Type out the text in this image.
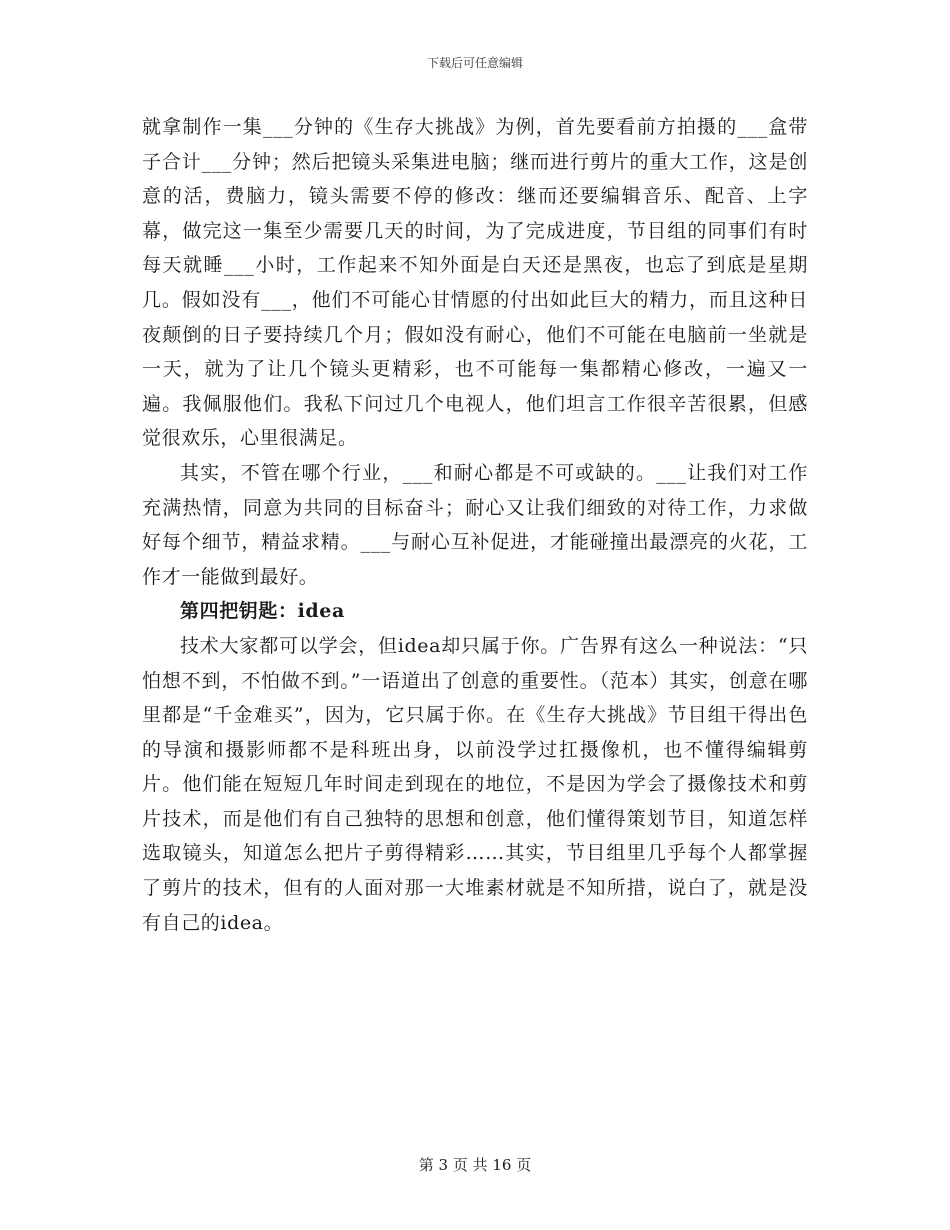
下载后可任意编辑

就拿制作一集___分钟的《生存大挑战》为例，首先要看前方拍摄的___盒带子合计___分钟；然后把镜头采集进电脑；继而进行剪片的重大工作，这是创意的活，费脑力，镜头需要不停的修改：继而还要编辑音乐、配音、上字幕，做完这一集至少需要几天的时间，为了完成进度，节目组的同事们有时每天就睡___小时，工作起来不知外面是白天还是黑夜，也忘了到底是星期几。假如没有___，他们不可能心甘情愿的付出如此巨大的精力，而且这种日夜颠倒的日子要持续几个月；假如没有耐心，他们不可能在电脑前一坐就是一天，就为了让几个镜头更精彩，也不可能每一集都精心修改，一遍又一遍。我佩服他们。我私下问过几个电视人，他们坦言工作很辛苦很累，但感觉很欢乐，心里很满足。

其实，不管在哪个行业，___和耐心都是不可或缺的。___让我们对工作充满热情，同意为共同的目标奋斗；耐心又让我们细致的对待工作，力求做好每个细节，精益求精。___与耐心互补促进，才能碰撞出最漂亮的火花，工作才一能做到最好。

第四把钥匙：idea

技术大家都可以学会，但idea却只属于你。广告界有这么一种说法：“只怕想不到，不怕做不到。”一语道出了创意的重要性。（范本）其实，创意在哪里都是“千金难买”，因为，它只属于你。在《生存大挑战》节目组干得出色的导演和摄影师都不是科班出身，以前没学过扛摄像机，也不懂得编辑剪片。他们能在短短几年时间走到现在的地位，不是因为学会了摄像技术和剪片技术，而是他们有自己独特的思想和创意，他们懂得策划节目，知道怎样选取镜头，知道怎么把片子剪得精彩……其实，节目组里几乎每个人都掌握了剪片的技术，但有的人面对那一大堆素材就是不知所措，说白了，就是没有自己的idea。

第 3 页 共 16 页
